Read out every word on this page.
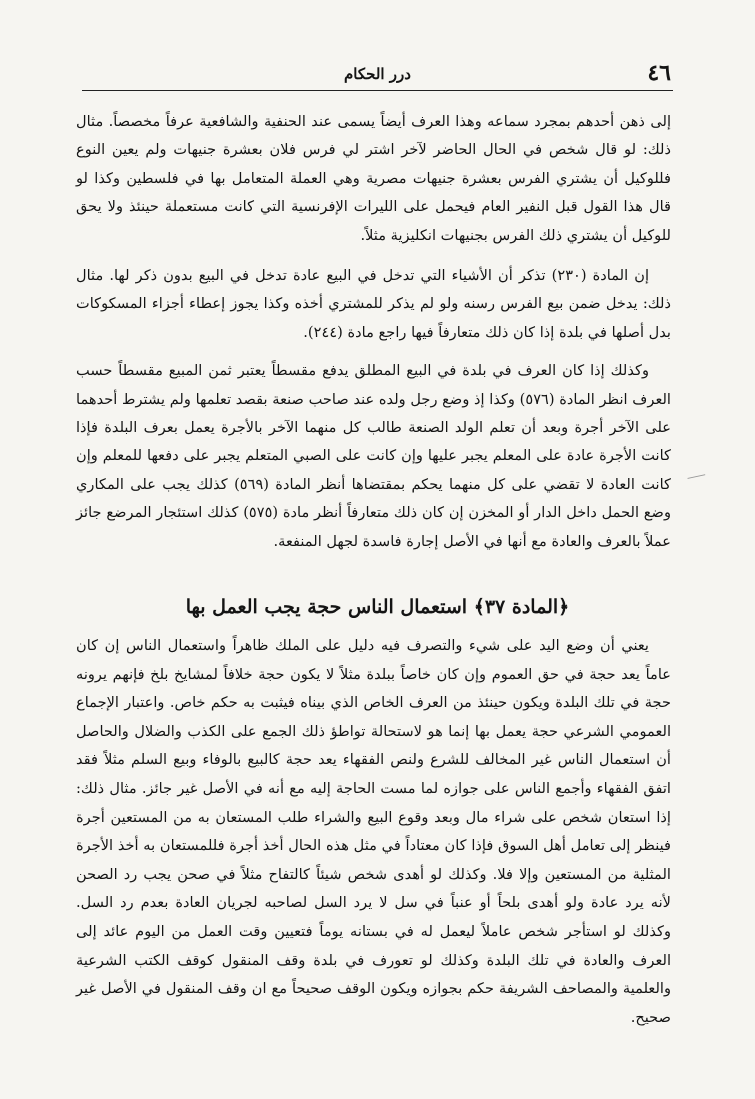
٤٦
درر الحكام

إلى ذهن أحدهم بمجرد سماعه وهذا العرف أيضاً يسمى عند الحنفية والشافعية عرفاً مخصصاً. مثال ذلك: لو قال شخص في الحال الحاضر لآخر اشتر لي فرس فلان بعشرة جنيهات ولم يعين النوع فللوكيل أن يشتري الفرس بعشرة جنيهات مصرية وهي العملة المتعامل بها في فلسطين وكذا لو قال هذا القول قبل النفير العام فيحمل على الليرات الإفرنسية التي كانت مستعملة حينئذ ولا يحق للوكيل أن يشتري ذلك الفرس بجنيهات انكليزية مثلاً.

إن المادة (٢٣٠) تذكر أن الأشياء التي تدخل في البيع عادة تدخل في البيع بدون ذكر لها. مثال ذلك: يدخل ضمن بيع الفرس رسنه ولو لم يذكر للمشتري أخذه وكذا يجوز إعطاء أجزاء المسكوكات بدل أصلها في بلدة إذا كان ذلك متعارفاً فيها راجع مادة (٢٤٤).

وكذلك إذا كان العرف في بلدة في البيع المطلق يدفع مقسطاً يعتبر ثمن المبيع مقسطاً حسب العرف انظر المادة (٥٧٦) وكذا إذ وضع رجل ولده عند صاحب صنعة بقصد تعلمها ولم يشترط أحدهما على الآخر أجرة وبعد أن تعلم الولد الصنعة طالب كل منهما الآخر بالأجرة يعمل بعرف البلدة فإذا كانت الأجرة عادة على المعلم يجبر عليها وإن كانت على الصبي المتعلم يجبر على دفعها للمعلم وإن كانت العادة لا تقضي على كل منهما يحكم بمقتضاها أنظر المادة (٥٦٩) كذلك يجب على المكاري وضع الحمل داخل الدار أو المخزن إن كان ذلك متعارفاً أنظر مادة (٥٧٥) كذلك استئجار المرضع جائز عملاً بالعرف والعادة مع أنها في الأصل إجارة فاسدة لجهل المنفعة.

﴿المادة ٣٧﴾ استعمال الناس حجة يجب العمل بها

يعني أن وضع اليد على شيء والتصرف فيه دليل على الملك ظاهراً واستعمال الناس إن كان عاماً يعد حجة في حق العموم وإن كان خاصاً ببلدة مثلاً لا يكون حجة خلافاً لمشايخ بلخ فإنهم يرونه حجة في تلك البلدة ويكون حينئذ من العرف الخاص الذي بيناه فيثبت به حكم خاص. واعتبار الإجماع العمومي الشرعي حجة يعمل بها إنما هو لاستحالة تواطؤ ذلك الجمع على الكذب والضلال والحاصل أن استعمال الناس غير المخالف للشرع ولنص الفقهاء يعد حجة كالبيع بالوفاء وبيع السلم مثلاً فقد اتفق الفقهاء وأجمع الناس على جوازه لما مست الحاجة إليه مع أنه في الأصل غير جائز. مثال ذلك: إذا استعان شخص على شراء مال وبعد وقوع البيع والشراء طلب المستعان به من المستعين أجرة فينظر إلى تعامل أهل السوق فإذا كان معتاداً في مثل هذه الحال أخذ أجرة فللمستعان به أخذ الأجرة المثلية من المستعين وإلا فلا. وكذلك لو أهدى شخص شيئاً كالتفاح مثلاً في صحن يجب رد الصحن لأنه يرد عادة ولو أهدى بلحاً أو عنباً في سل لا يرد السل لصاحبه لجريان العادة بعدم رد السل. وكذلك لو استأجر شخص عاملاً ليعمل له في بستانه يوماً فتعيين وقت العمل من اليوم عائد إلى العرف والعادة في تلك البلدة وكذلك لو تعورف في بلدة وقف المنقول كوقف الكتب الشرعية والعلمية والمصاحف الشريفة حكم بجوازه ويكون الوقف صحيحاً مع ان وقف المنقول في الأصل غير صحيح.
